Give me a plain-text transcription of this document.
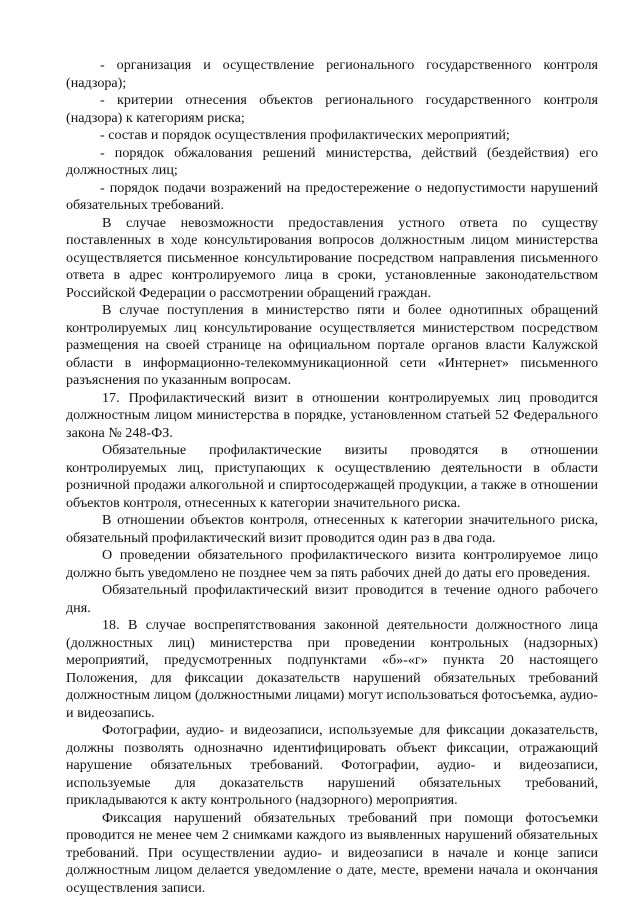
- организация и осуществление регионального государственного контроля (надзора);

- критерии отнесения объектов регионального государственного контроля (надзора) к категориям риска;

- состав и порядок осуществления профилактических мероприятий;

- порядок обжалования решений министерства, действий (бездействия) его должностных лиц;

- порядок подачи возражений на предостережение о недопустимости нарушений обязательных требований.

В случае невозможности предоставления устного ответа по существу поставленных в ходе консультирования вопросов должностным лицом министерства осуществляется письменное консультирование посредством направления письменного ответа в адрес контролируемого лица в сроки, установленные законодательством Российской Федерации о рассмотрении обращений граждан.

В случае поступления в министерство пяти и более однотипных обращений контролируемых лиц консультирование осуществляется министерством посредством размещения на своей странице на официальном портале органов власти Калужской области в информационно-телекоммуникационной сети «Интернет» письменного разъяснения по указанным вопросам.

17. Профилактический визит в отношении контролируемых лиц проводится должностным лицом министерства в порядке, установленном статьей 52 Федерального закона № 248-ФЗ.

Обязательные профилактические визиты проводятся в отношении контролируемых лиц, приступающих к осуществлению деятельности в области розничной продажи алкогольной и спиртосодержащей продукции, а также в отношении объектов контроля, отнесенных к категории значительного риска.

В отношении объектов контроля, отнесенных к категории значительного риска, обязательный профилактический визит проводится один раз в два года.

О проведении обязательного профилактического визита контролируемое лицо должно быть уведомлено не позднее чем за пять рабочих дней до даты его проведения.

Обязательный профилактический визит проводится в течение одного рабочего дня.

18. В случае воспрепятствования законной деятельности должностного лица (должностных лиц) министерства при проведении контрольных (надзорных) мероприятий, предусмотренных подпунктами «б»-«г» пункта 20 настоящего Положения, для фиксации доказательств нарушений обязательных требований должностным лицом (должностными лицами) могут использоваться фотосъемка, аудио- и видеозапись.

Фотографии, аудио- и видеозаписи, используемые для фиксации доказательств, должны позволять однозначно идентифицировать объект фиксации, отражающий нарушение обязательных требований. Фотографии, аудио- и видеозаписи, используемые для доказательств нарушений обязательных требований, прикладываются к акту контрольного (надзорного) мероприятия.

Фиксация нарушений обязательных требований при помощи фотосъемки проводится не менее чем 2 снимками каждого из выявленных нарушений обязательных требований. При осуществлении аудио- и видеозаписи в начале и конце записи должностным лицом делается уведомление о дате, месте, времени начала и окончания осуществления записи.
